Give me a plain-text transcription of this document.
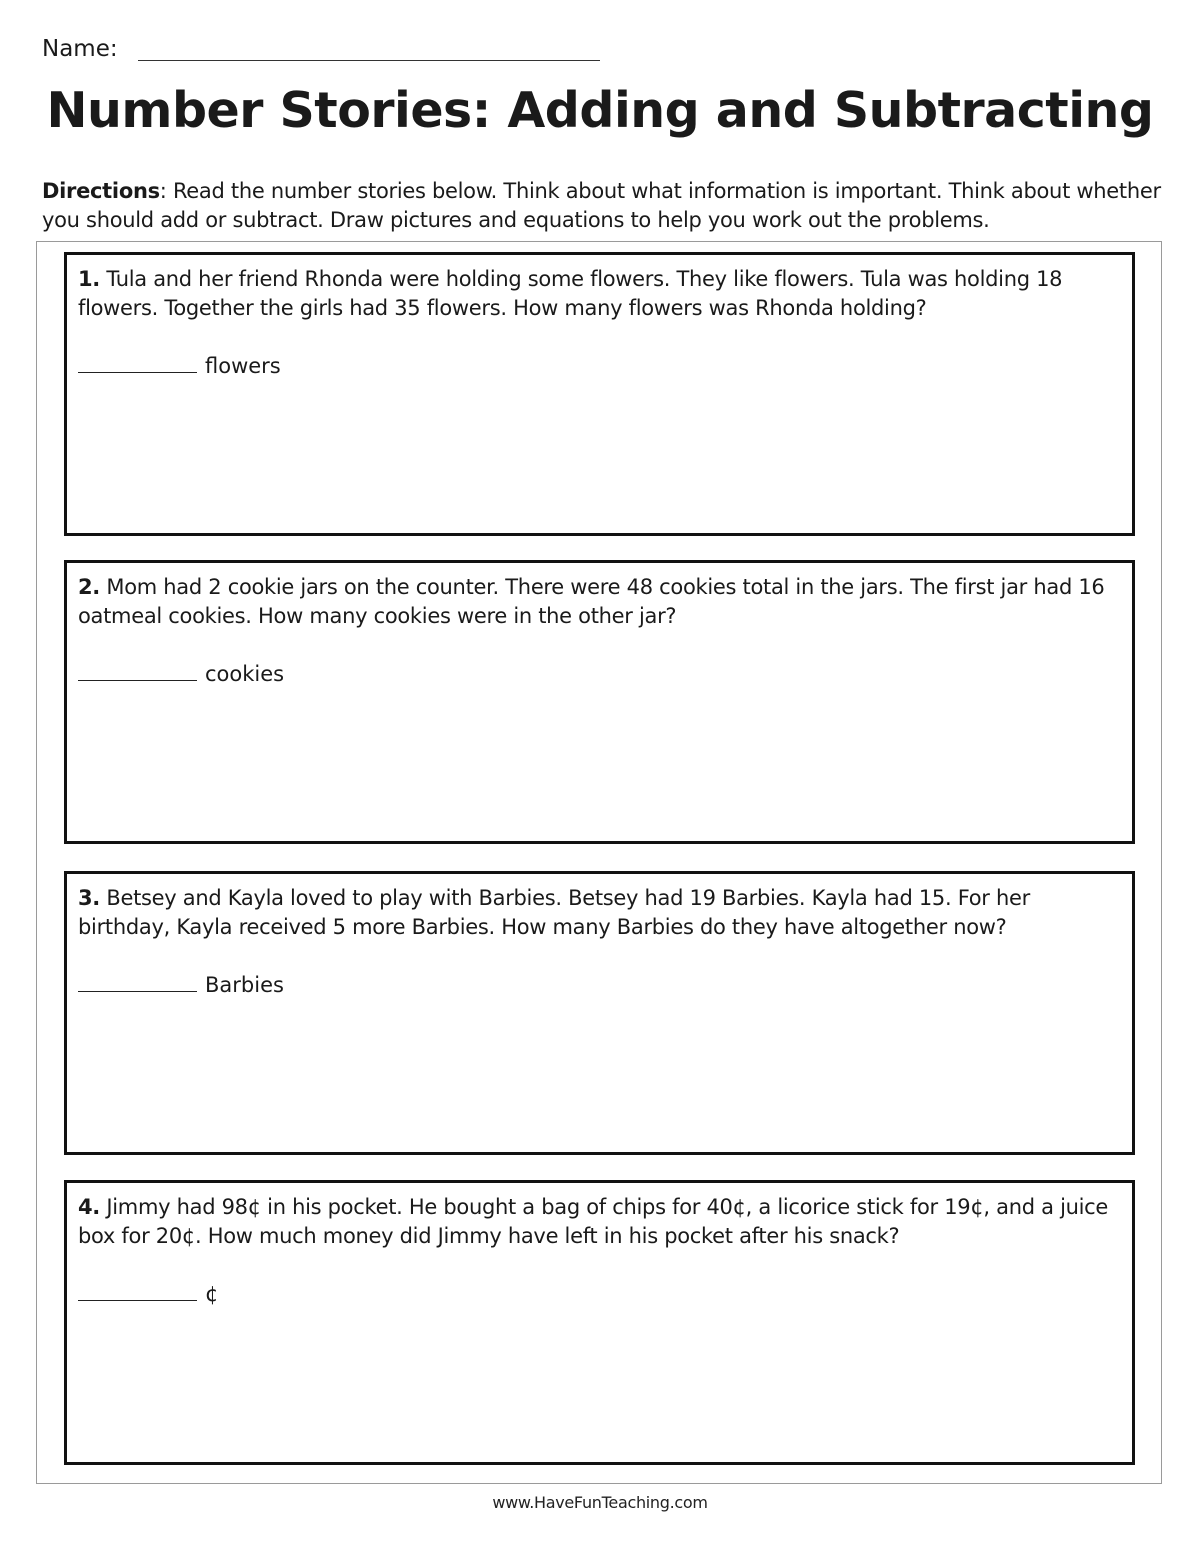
Name:
Number Stories: Adding and Subtracting
Directions: Read the number stories below. Think about what information is important. Think about whether you should add or subtract. Draw pictures and equations to help you work out the problems.
1. Tula and her friend Rhonda were holding some flowers. They like flowers. Tula was holding 18 flowers. Together the girls had 35 flowers. How many flowers was Rhonda holding?
flowers
2. Mom had 2 cookie jars on the counter. There were 48 cookies total in the jars. The first jar had 16 oatmeal cookies. How many cookies were in the other jar?
cookies
3. Betsey and Kayla loved to play with Barbies. Betsey had 19 Barbies. Kayla had 15. For her birthday, Kayla received 5 more Barbies. How many Barbies do they have altogether now?
Barbies
4. Jimmy had 98¢ in his pocket. He bought a bag of chips for 40¢, a licorice stick for 19¢, and a juice box for 20¢. How much money did Jimmy have left in his pocket after his snack?
¢
www.HaveFunTeaching.com
